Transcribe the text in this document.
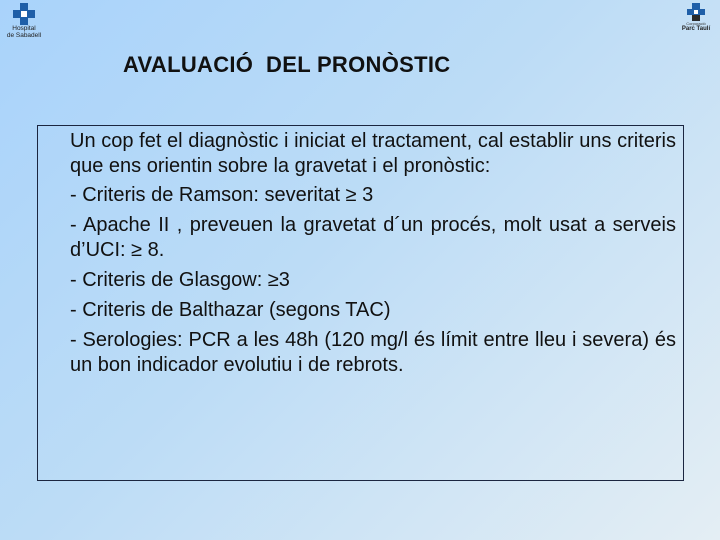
Hospital
de Sabadell
Corporació
Parc Taulí
AVALUACIÓ  DEL PRONÒSTIC

Un cop fet el diagnòstic i iniciat el tractament, cal establir uns criteris que ens orientin sobre la gravetat i el pronòstic:

- Criteris de Ramson: severitat ≥ 3

- Apache II , preveuen la gravetat d´un procés, molt usat a serveis d’UCI: ≥ 8.

- Criteris de Glasgow: ≥3

- Criteris de Balthazar (segons TAC)

- Serologies: PCR a les 48h (120 mg/l és límit entre lleu i severa) és un bon indicador evolutiu i de rebrots.
